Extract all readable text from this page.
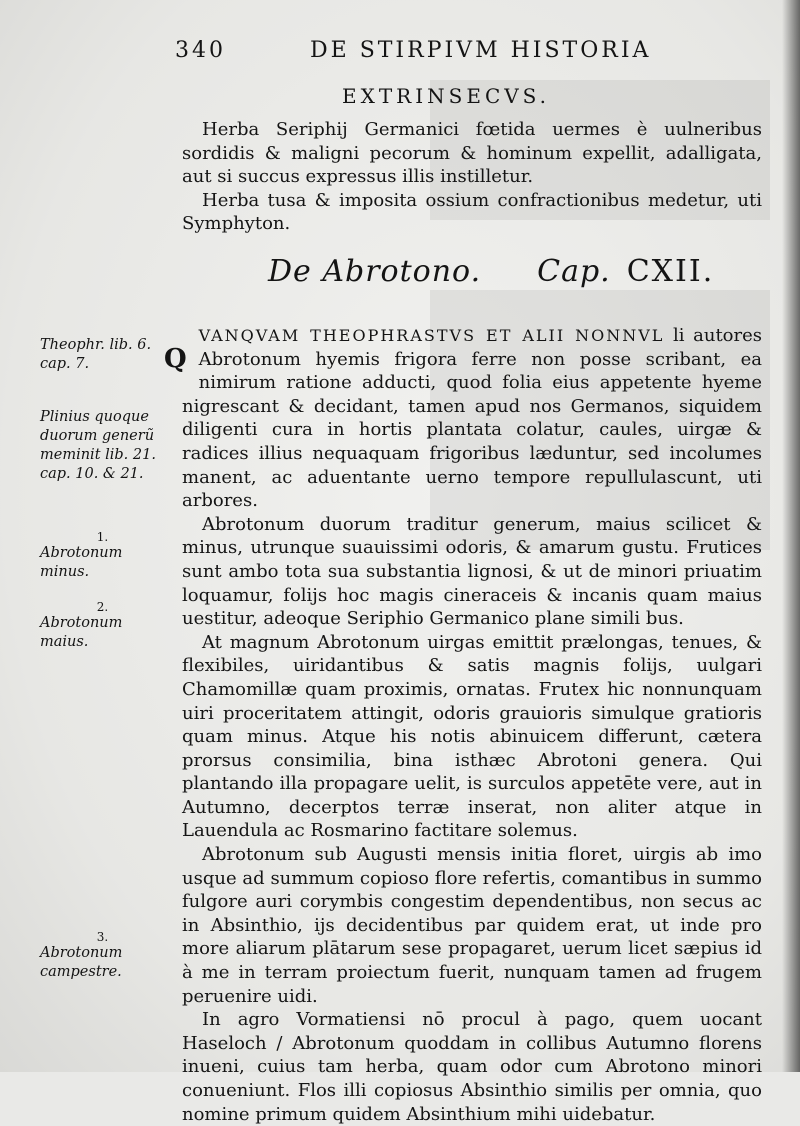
340	DE STIRPIVM HISTORIA
EXTRINSECVS.

Herba Seriphij Germanici fœtida uermes è uulneribus sordidis & maligni pecorum & hominum expellit, adalligata, aut si succus expressus illis instilletur.

Herba tusa & imposita ossium confractionibus medetur, uti Symphyton.

De Abrotono. Cap. CXII.

Q
VANQVAM THEOPHRASTVS ET ALII NONNVL li autores Abrotonum hyemis frigora ferre non posse scribant, ea nimirum ratione adducti, quod folia eius appetente hyeme nigrescant & decidant, tamen apud nos Germanos, siquidem diligenti cura in hortis plantata colatur, caules, uirgæ & radices illius nequaquam frigoribus læduntur, sed incolumes manent, ac aduentante uerno tempore repullulascunt, uti arbores.

Abrotonum duorum traditur generum, maius scilicet & minus, utrunque suauissimi odoris, & amarum gustu. Frutices sunt ambo tota sua substantia lignosi, & ut de minori priuatim loquamur, folijs hoc magis cineraceis & incanis quam maius uestitur, adeoque Seriphio Germanico plane simili bus.

At magnum Abrotonum uirgas emittit prælongas, tenues, & flexibiles, uiridantibus & satis magnis folijs, uulgari Chamomillæ quam proximis, ornatas. Frutex hic nonnunquam uiri proceritatem attingit, odoris grauioris simulque gratioris quam minus. Atque his notis abinuicem differunt, cætera prorsus consimilia, bina isthæc Abrotoni genera. Qui plantando illa propagare uelit, is surculos appetēte vere, aut in Autumno, decerptos terræ inserat, non aliter atque in Lauendula ac Rosmarino factitare solemus.

Abrotonum sub Augusti mensis initia floret, uirgis ab imo usque ad summum copioso flore refertis, comantibus in summo fulgore auri corymbis congestim dependentibus, non secus ac in Absinthio, ijs decidentibus par quidem erat, ut inde pro more aliarum plātarum sese propagaret, uerum licet sæpius id à me in terram proiectum fuerit, nunquam tamen ad frugem peruenire uidi.

In agro Vormatiensi nō procul à pago, quem uocant Haseloch / Abrotonum quoddam in collibus Autumno florens inueni, cuius tam herba, quam odor cum Abrotono minori conueniunt. Flos illi copiosus Absinthio similis per omnia, quo nomine primum quidem Absinthium mihi uidebatur.

Theophr. lib. 6. cap. 7.
Plinius quoque duorum generũ meminit lib. 21. cap. 10. & 21.
1.
Abrotonum minus.
2.
Abrotonum maius.
3.
Abrotonum campestre.
